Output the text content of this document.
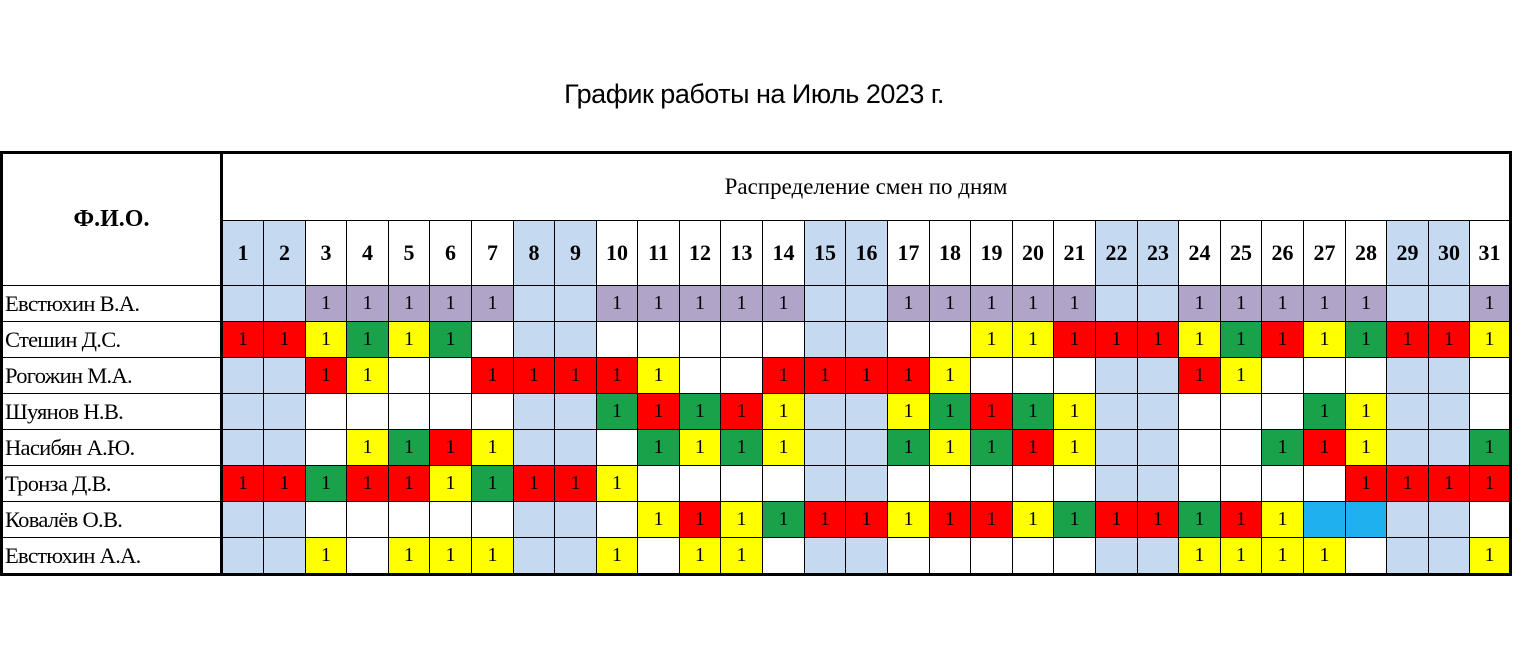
График работы на Июль 2023 г.
Ф.И.О.	Распределение смен по дням																														
	1	2	3	4	5	6	7	8	9	10	11	12	13	14	15	16	17	18	19	20	21	22	23	24	25	26	27	28	29	30	31
Евстюхин В.А.			1	1	1	1	1			1	1	1	1	1			1	1	1	1	1			1	1	1	1	1			1
Стешин Д.С.	1	1	1	1	1	1													1	1	1	1	1	1	1	1	1	1	1	1	1
Рогожин М.А.			1	1			1	1	1	1	1			1	1	1	1	1						1	1						
Шуянов Н.В.										1	1	1	1	1			1	1	1	1	1						1	1			
Насибян А.Ю.				1	1	1	1				1	1	1	1			1	1	1	1	1					1	1	1			1
Тронза Д.В.	1	1	1	1	1	1	1	1	1	1																		1	1	1	1
Ковалёв О.В.											1	1	1	1	1	1	1	1	1	1	1	1	1	1	1	1					
Евстюхин А.А.			1		1	1	1			1		1	1											1	1	1	1				1
